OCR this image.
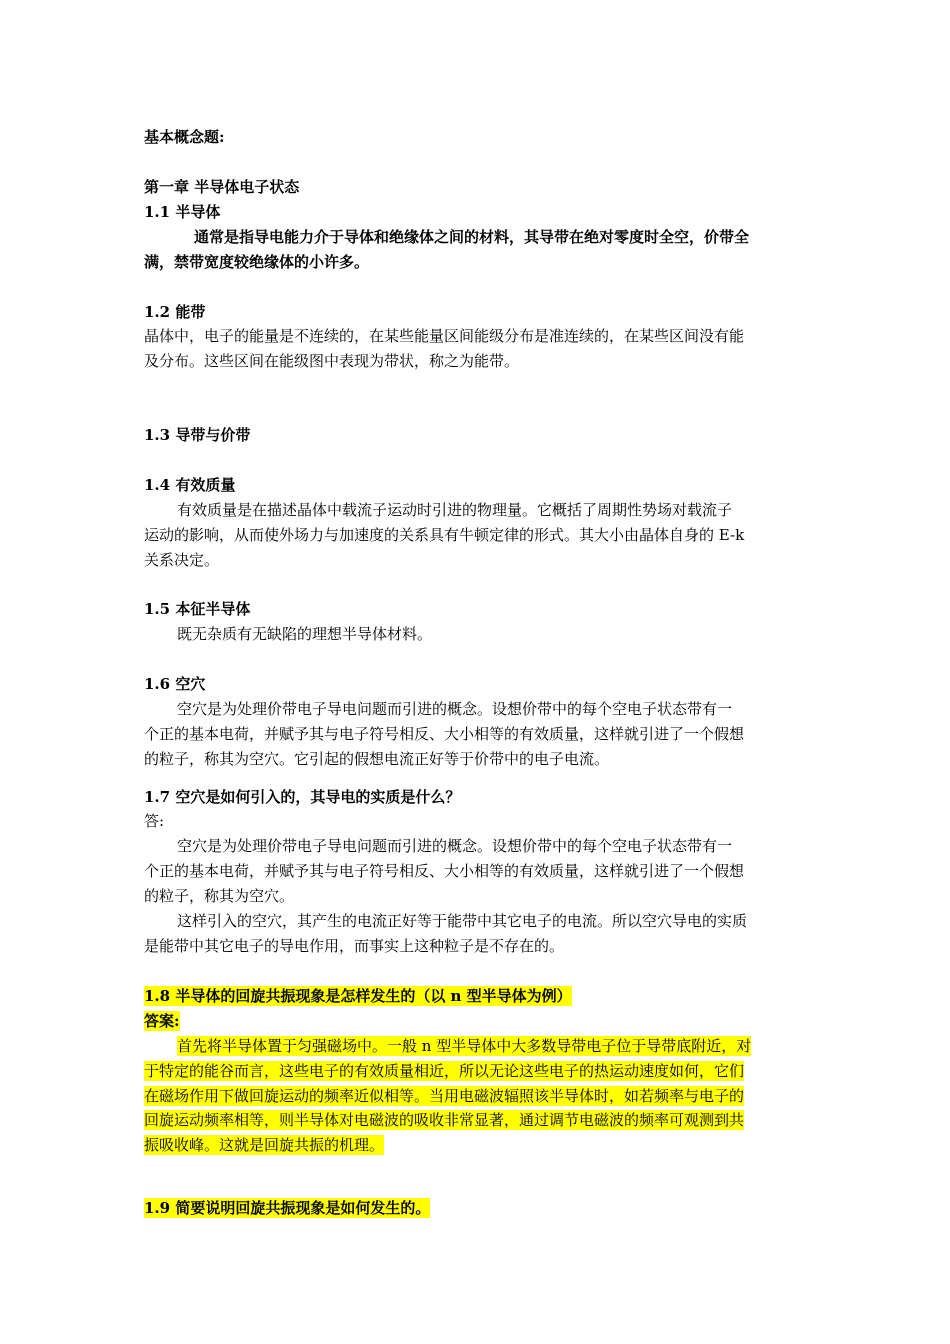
基本概念题:
第一章 半导体电子状态
1.1 半导体
通常是指导电能力介于导体和绝缘体之间的材料，其导带在绝对零度时全空，价带全
满，禁带宽度较绝缘体的小许多。
1.2 能带
晶体中，电子的能量是不连续的，在某些能量区间能级分布是准连续的，在某些区间没有能
及分布。这些区间在能级图中表现为带状，称之为能带。
1.3 导带与价带
1.4 有效质量
有效质量是在描述晶体中载流子运动时引进的物理量。它概括了周期性势场对载流子
运动的影响，从而使外场力与加速度的关系具有牛顿定律的形式。其大小由晶体自身的 E-k
关系决定。
1.5 本征半导体
既无杂质有无缺陷的理想半导体材料。
1.6 空穴
空穴是为处理价带电子导电问题而引进的概念。设想价带中的每个空电子状态带有一
个正的基本电荷，并赋予其与电子符号相反、大小相等的有效质量，这样就引进了一个假想
的粒子，称其为空穴。它引起的假想电流正好等于价带中的电子电流。
1.7 空穴是如何引入的，其导电的实质是什么？
答:
空穴是为处理价带电子导电问题而引进的概念。设想价带中的每个空电子状态带有一
个正的基本电荷，并赋予其与电子符号相反、大小相等的有效质量，这样就引进了一个假想
的粒子，称其为空穴。
这样引入的空穴，其产生的电流正好等于能带中其它电子的电流。所以空穴导电的实质
是能带中其它电子的导电作用，而事实上这种粒子是不存在的。
1.8 半导体的回旋共振现象是怎样发生的（以 n 型半导体为例）
答案:
首先将半导体置于匀强磁场中。一般 n 型半导体中大多数导带电子位于导带底附近，对
于特定的能谷而言，这些电子的有效质量相近，所以无论这些电子的热运动速度如何，它们
在磁场作用下做回旋运动的频率近似相等。当用电磁波辐照该半导体时，如若频率与电子的
回旋运动频率相等，则半导体对电磁波的吸收非常显著，通过调节电磁波的频率可观测到共
振吸收峰。这就是回旋共振的机理。
1.9 简要说明回旋共振现象是如何发生的。
